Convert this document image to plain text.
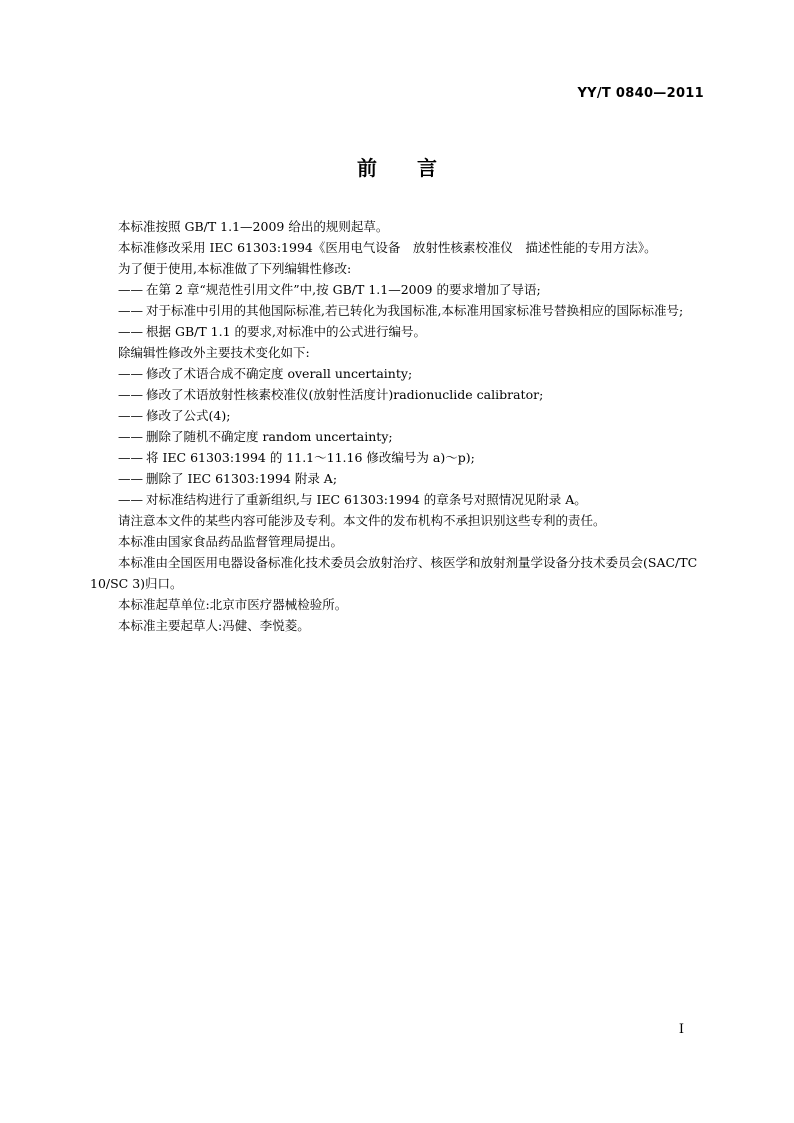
YY/T 0840—2011
前言

本标准按照 GB/T 1.1—2009 给出的规则起草。

本标准修改采用 IEC 61303:1994《医用电气设备　放射性核素校准仪　描述性能的专用方法》。

为了便于使用,本标准做了下列编辑性修改:

—— 在第 2 章“规范性引用文件”中,按 GB/T 1.1—2009 的要求增加了导语;

—— 对于标准中引用的其他国际标准,若已转化为我国标准,本标准用国家标准号替换相应的国际标准号;

—— 根据 GB/T 1.1 的要求,对标准中的公式进行编号。

除编辑性修改外主要技术变化如下:

—— 修改了术语合成不确定度 overall uncertainty;

—— 修改了术语放射性核素校准仪(放射性活度计)radionuclide calibrator;

—— 修改了公式(4);

—— 删除了随机不确定度 random uncertainty;

—— 将 IEC 61303:1994 的 11.1～11.16 修改编号为 a)～p);

—— 删除了 IEC 61303:1994 附录 A;

—— 对标准结构进行了重新组织,与 IEC 61303:1994 的章条号对照情况见附录 A。

请注意本文件的某些内容可能涉及专利。本文件的发布机构不承担识别这些专利的责任。

本标准由国家食品药品监督管理局提出。

本标准由全国医用电器设备标准化技术委员会放射治疗、核医学和放射剂量学设备分技术委员会(SAC/TC 10/SC 3)归口。

本标准起草单位:北京市医疗器械检验所。

本标准主要起草人:冯健、李悦菱。

I
